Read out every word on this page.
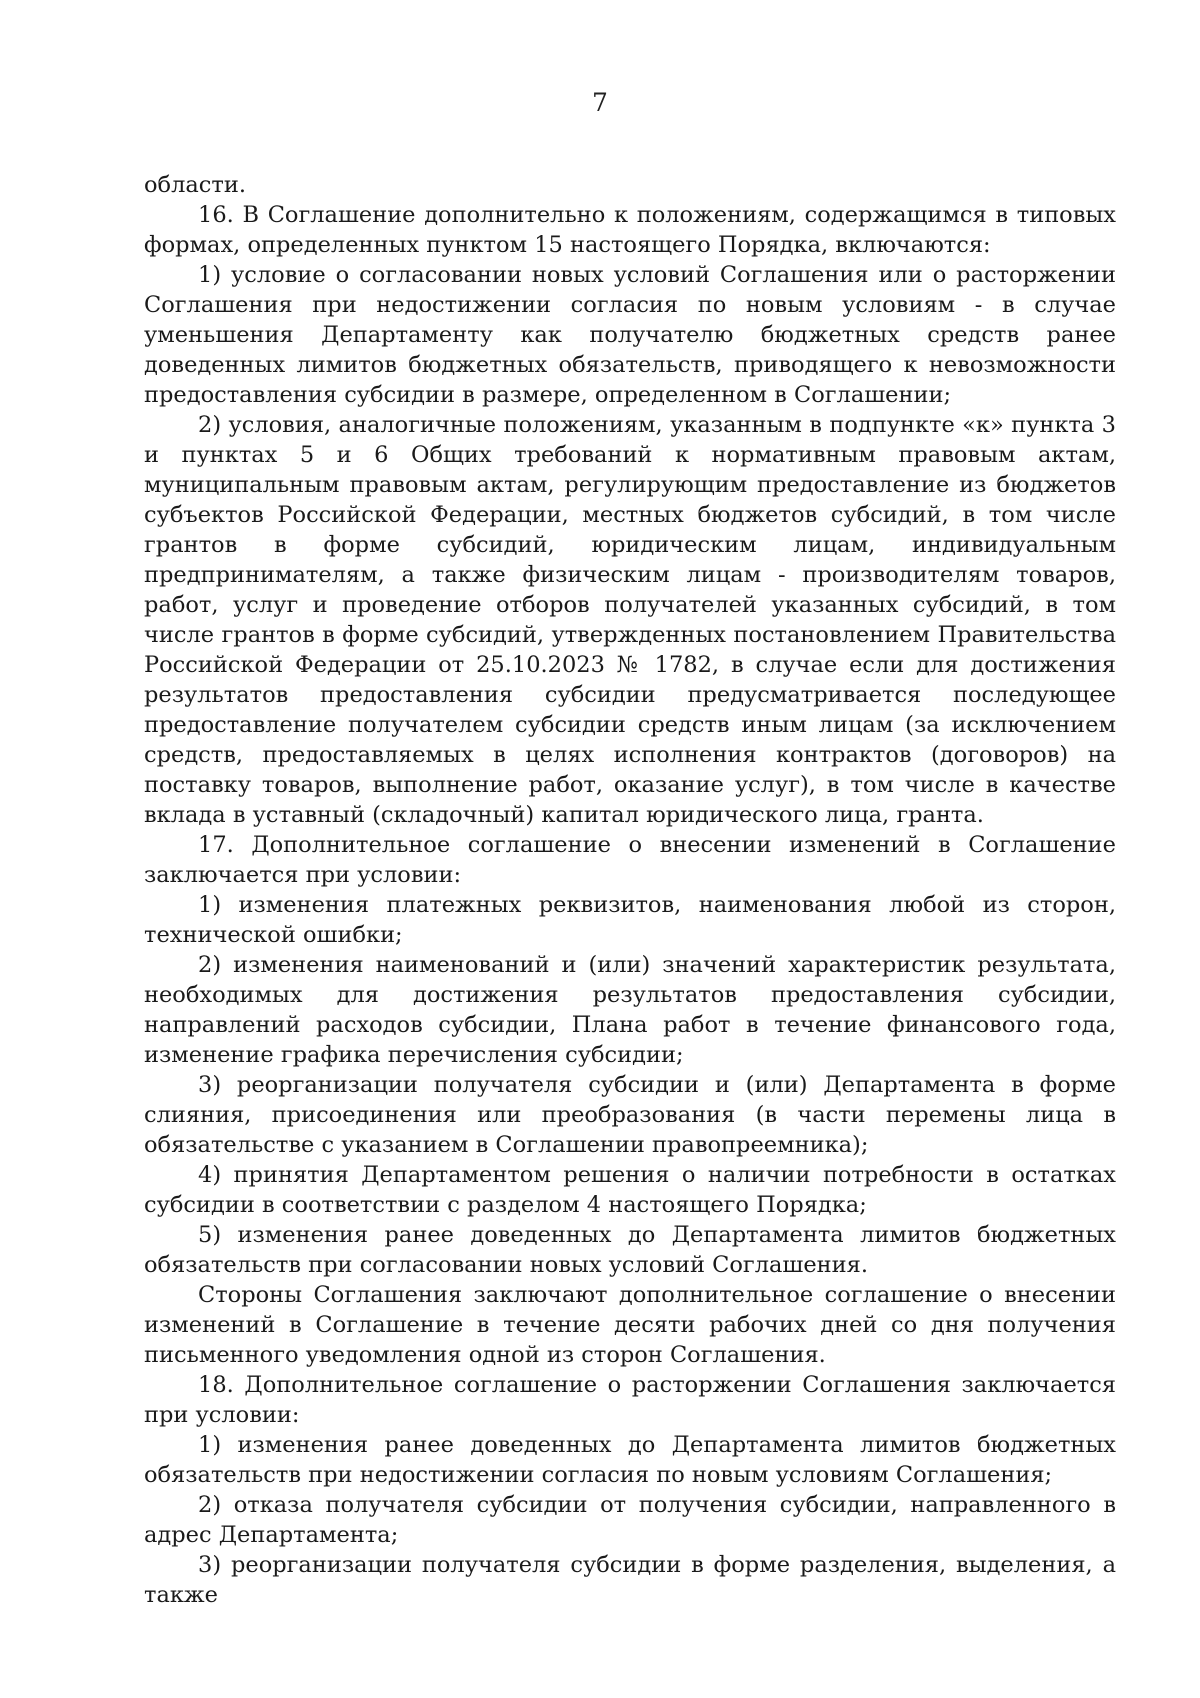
7

области.

16. В Соглашение дополнительно к положениям, содержащимся в типовых формах, определенных пунктом 15 настоящего Порядка, включаются:

1) условие о согласовании новых условий Соглашения или о расторжении Соглашения при недостижении согласия по новым условиям - в случае уменьшения Департаменту как получателю бюджетных средств ранее доведенных лимитов бюджетных обязательств, приводящего к невозможности предоставления субсидии в размере, определенном в Соглашении;

2) условия, аналогичные положениям, указанным в подпункте «к» пункта 3 и пунктах 5 и 6 Общих требований к нормативным правовым актам, муниципальным правовым актам, регулирующим предоставление из бюджетов субъектов Российской Федерации, местных бюджетов субсидий, в том числе грантов в форме субсидий, юридическим лицам, индивидуальным предпринимателям, а также физическим лицам - производителям товаров, работ, услуг и проведение отборов получателей указанных субсидий, в том числе грантов в форме субсидий, утвержденных постановлением Правительства Российской Федерации от 25.10.2023 № 1782, в случае если для достижения результатов предоставления субсидии предусматривается последующее предоставление получателем субсидии средств иным лицам (за исключением средств, предоставляемых в целях исполнения контрактов (договоров) на поставку товаров, выполнение работ, оказание услуг), в том числе в качестве вклада в уставный (складочный) капитал юридического лица, гранта.

17. Дополнительное соглашение о внесении изменений в Соглашение заключается при условии:

1) изменения платежных реквизитов, наименования любой из сторон, технической ошибки;

2) изменения наименований и (или) значений характеристик результата, необходимых для достижения результатов предоставления субсидии, направлений расходов субсидии, Плана работ в течение финансового года, изменение графика перечисления субсидии;

3) реорганизации получателя субсидии и (или) Департамента в форме слияния, присоединения или преобразования (в части перемены лица в обязательстве с указанием в Соглашении правопреемника);

4) принятия Департаментом решения о наличии потребности в остатках субсидии в соответствии с разделом 4 настоящего Порядка;

5) изменения ранее доведенных до Департамента лимитов бюджетных обязательств при согласовании новых условий Соглашения.

Стороны Соглашения заключают дополнительное соглашение о внесении изменений в Соглашение в течение десяти рабочих дней со дня получения письменного уведомления одной из сторон Соглашения.

18. Дополнительное соглашение о расторжении Соглашения заключается при условии:

1) изменения ранее доведенных до Департамента лимитов бюджетных обязательств при недостижении согласия по новым условиям Соглашения;

2) отказа получателя субсидии от получения субсидии, направленного в адрес Департамента;

3) реорганизации получателя субсидии в форме разделения, выделения, а также
